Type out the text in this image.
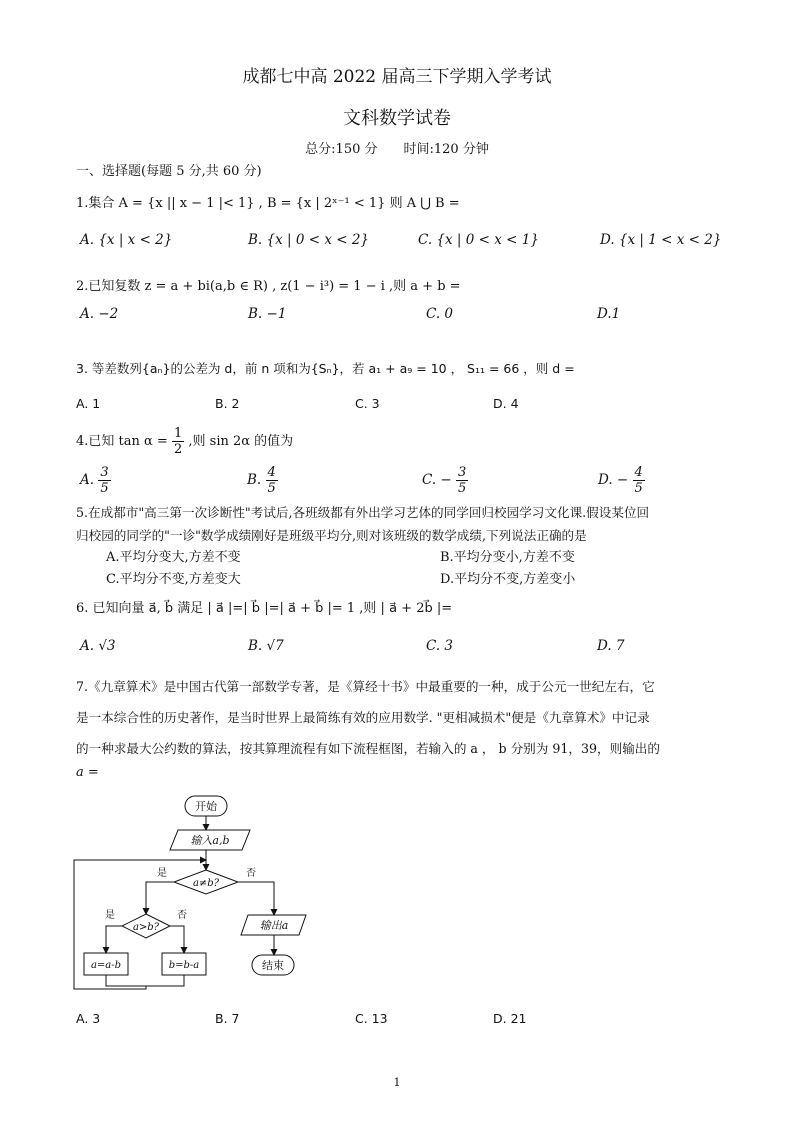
成都七中高 2022 届高三下学期入学考试
文科数学试卷
总分:150 分　　时间:120 分钟
一、选择题(每题 5 分,共 60 分)
1.集合 A = {x || x − 1 |< 1} , B = {x | 2ˣ⁻¹ < 1} 则 A ⋃ B =
A. {x | x < 2}	B. {x | 0 < x < 2}	C. {x | 0 < x < 1}	D. {x | 1 < x < 2}
2.已知复数 z = a + bi(a,b ∈ R) , z(1 − i³) = 1 − i ,则 a + b =
A. −2	B. −1	C. 0	D.1
3. 等差数列{aₙ}的公差为 d，前 n 项和为{Sₙ}，若 a₁ + a₉ = 10 ， S₁₁ = 66 ，则 d =
A. 1	B. 2	C. 3	D. 4
4.已知 $\tan \alpha = \frac{1}{2}$ ,则 sin 2α 的值为
A. $\frac{3}{5}$	B. $\frac{4}{5}$	C. − $\frac{3}{5}$	D. − $\frac{4}{5}$
5.在成都市"高三第一次诊断性"考试后,各班级都有外出学习艺体的同学回归校园学习文化课.假设某位回
归校园的同学的"一诊"数学成绩刚好是班级平均分,则对该班级的数学成绩,下列说法正确的是
A.平均分变大,方差不变	B.平均分变小,方差不变
C.平均分不变,方差变大	D.平均分不变,方差变小
6. 已知向量 a⃗, b⃗ 满足 | a⃗ |=| b⃗ |=| a⃗ + b⃗ |= 1 ,则 | a⃗ + 2b⃗ |=
A. √3	B. √7	C. 3	D. 7
7.《九章算术》是中国古代第一部数学专著，是《算经十书》中最重要的一种，成于公元一世纪左右，它
是一本综合性的历史著作，是当时世界上最简练有效的应用数学. "更相减损术"便是《九章算术》中记录
的一种求最大公约数的算法，按其算理流程有如下流程框图，若输入的 a ， b 分别为 91，39，则输出的
a =
开始
输入a,b
a≠b?
是	否
a>b?
是	否
a=a-b	b=b-a
输出a
结束
A. 3	B. 7	C. 13	D. 21
1
